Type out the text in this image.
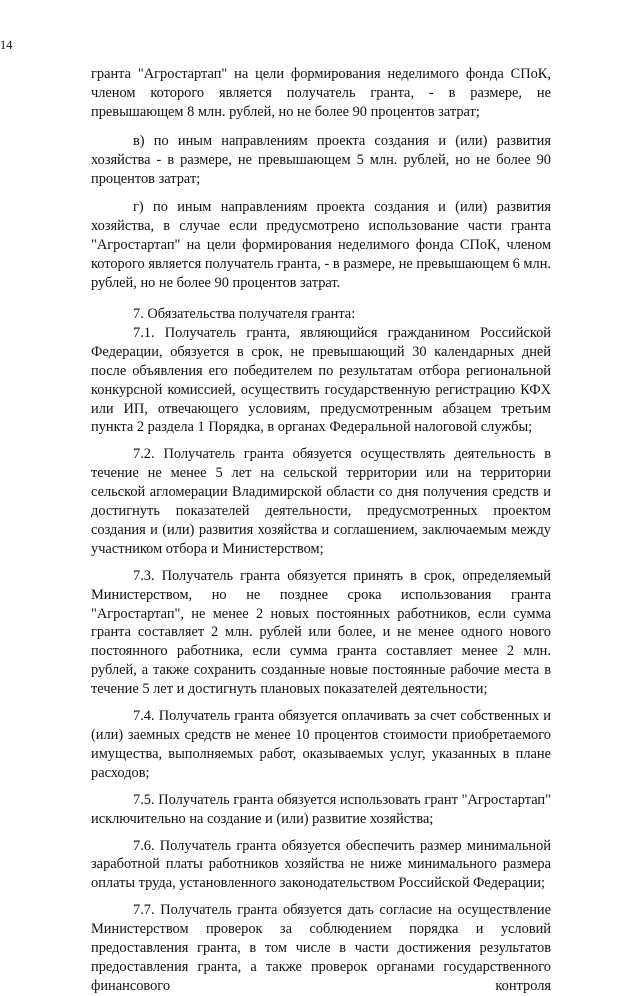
14

гранта "Агростартап" на цели формирования неделимого фонда СПоК, членом которого является получатель гранта, - в размере, не превышающем 8 млн. рублей, но не более 90 процентов затрат;

в) по иным направлениям проекта создания и (или) развития хозяйства - в размере, не превышающем 5 млн. рублей, но не более 90 процентов затрат;

г) по иным направлениям проекта создания и (или) развития хозяйства, в случае если предусмотрено использование части гранта "Агростартап" на цели формирования неделимого фонда СПоК, членом которого является получатель гранта, - в размере, не превышающем 6 млн. рублей, но не более 90 процентов затрат.

7. Обязательства получателя гранта:

7.1. Получатель гранта, являющийся гражданином Российской Федерации, обязуется в срок, не превышающий 30 календарных дней после объявления его победителем по результатам отбора региональной конкурсной комиссией, осуществить государственную регистрацию КФХ или ИП, отвечающего условиям, предусмотренным абзацем третьим пункта 2 раздела 1 Порядка, в органах Федеральной налоговой службы;

7.2. Получатель гранта обязуется осуществлять деятельность в течение не менее 5 лет на сельской территории или на территории сельской агломерации Владимирской области со дня получения средств и достигнуть показателей деятельности, предусмотренных проектом создания и (или) развития хозяйства и соглашением, заключаемым между участником отбора и Министерством;

7.3. Получатель гранта обязуется принять в срок, определяемый Министерством, но не позднее срока использования гранта "Агростартап", не менее 2 новых постоянных работников, если сумма гранта составляет 2 млн. рублей или более, и не менее одного нового постоянного работника, если сумма гранта составляет менее 2 млн. рублей, а также сохранить созданные новые постоянные рабочие места в течение 5 лет и достигнуть плановых показателей деятельности;

7.4. Получатель гранта обязуется оплачивать за счет собственных и (или) заемных средств не менее 10 процентов стоимости приобретаемого имущества, выполняемых работ, оказываемых услуг, указанных в плане расходов;

7.5. Получатель гранта обязуется использовать грант "Агростартап" исключительно на создание и (или) развитие хозяйства;

7.6. Получатель гранта обязуется обеспечить размер минимальной заработной платы работников хозяйства не ниже минимального размера оплаты труда, установленного законодательством Российской Федерации;

7.7. Получатель гранта обязуется дать согласие на осуществление Министерством проверок за соблюдением порядка и условий предоставления гранта, в том числе в части достижения результатов предоставления гранта, а также проверок органами государственного финансового контроля
